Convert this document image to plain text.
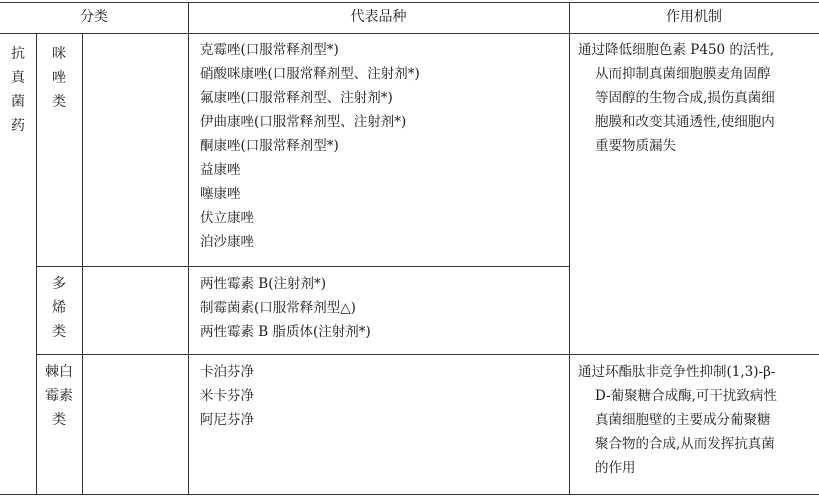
分类	代表品种	作用机制
抗
真
菌
药
咪
唑
类
多
烯
类
棘白
霉素
类
克霉唑(口服常释剂型*)
硝酸咪康唑(口服常释剂型、注射剂*)
氟康唑(口服常释剂型、注射剂*)
伊曲康唑(口服常释剂型、注射剂*)
酮康唑(口服常释剂型*)
益康唑
噻康唑
伏立康唑
泊沙康唑
两性霉素 B(注射剂*)
制霉菌素(口服常释剂型△)
两性霉素 B 脂质体(注射剂*)
卡泊芬净
米卡芬净
阿尼芬净
通过降低细胞色素 P450 的活性,
从而抑制真菌细胞膜麦角固醇
等固醇的生物合成,损伤真菌细
胞膜和改变其通透性,使细胞内
重要物质漏失
通过环酯肽非竞争性抑制(1,3)-β-
D-葡聚糖合成酶,可干扰致病性
真菌细胞壁的主要成分葡聚糖
聚合物的合成,从而发挥抗真菌
的作用
